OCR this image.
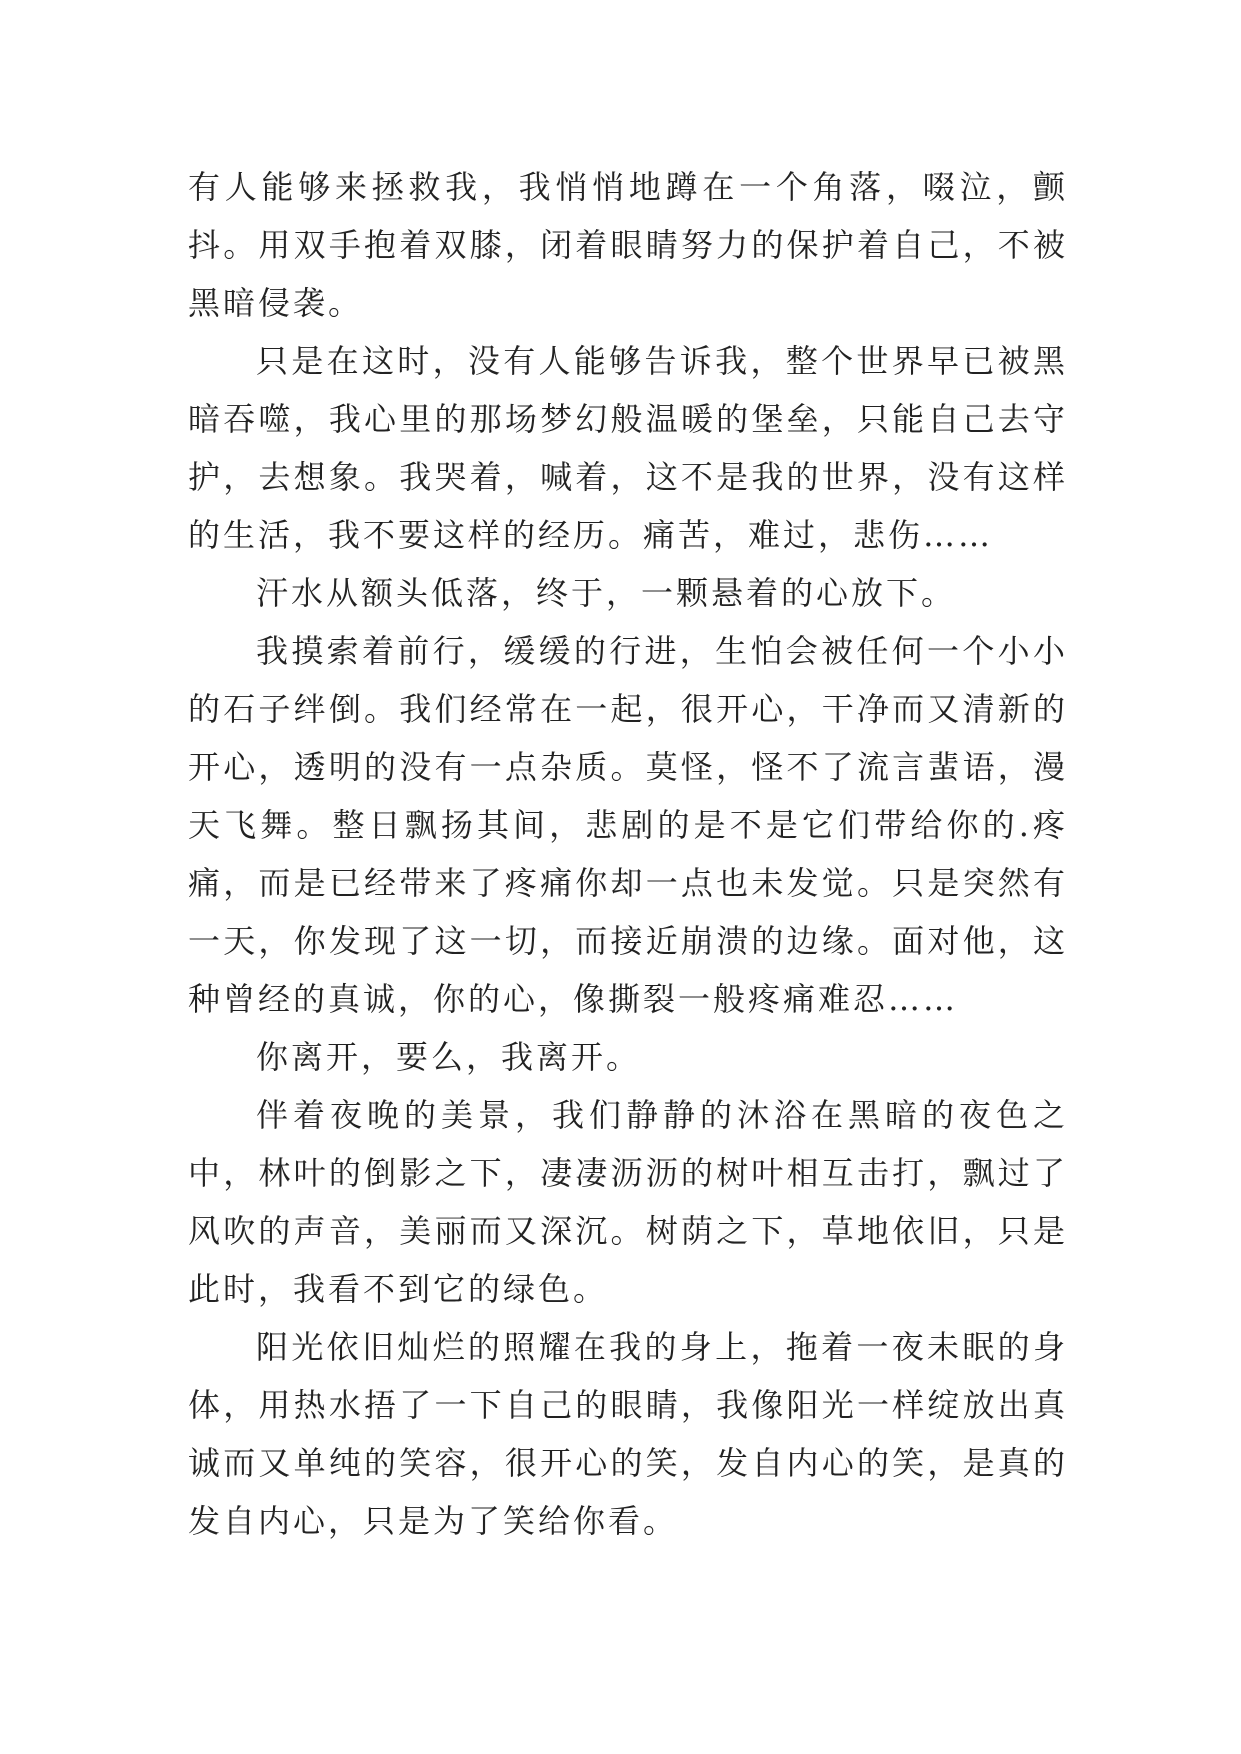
有人能够来拯救我，我悄悄地蹲在一个角落，啜泣，颤抖。用双手抱着双膝，闭着眼睛努力的保护着自己，不被黑暗侵袭。

只是在这时，没有人能够告诉我，整个世界早已被黑暗吞噬，我心里的那场梦幻般温暖的堡垒，只能自己去守护，去想象。我哭着，喊着，这不是我的世界，没有这样的生活，我不要这样的经历。痛苦，难过，悲伤……

汗水从额头低落，终于，一颗悬着的心放下。

我摸索着前行，缓缓的行进，生怕会被任何一个小小的石子绊倒。我们经常在一起，很开心，干净而又清新的开心，透明的没有一点杂质。莫怪，怪不了流言蜚语，漫天飞舞。整日飘扬其间，悲剧的是不是它们带给你的.疼痛，而是已经带来了疼痛你却一点也未发觉。只是突然有一天，你发现了这一切，而接近崩溃的边缘。面对他，这种曾经的真诚，你的心，像撕裂一般疼痛难忍……

你离开，要么，我离开。

伴着夜晚的美景，我们静静的沐浴在黑暗的夜色之中，林叶的倒影之下，凄凄沥沥的树叶相互击打，飘过了风吹的声音，美丽而又深沉。树荫之下，草地依旧，只是此时，我看不到它的绿色。

阳光依旧灿烂的照耀在我的身上，拖着一夜未眠的身体，用热水捂了一下自己的眼睛，我像阳光一样绽放出真诚而又单纯的笑容，很开心的笑，发自内心的笑，是真的发自内心，只是为了笑给你看。
